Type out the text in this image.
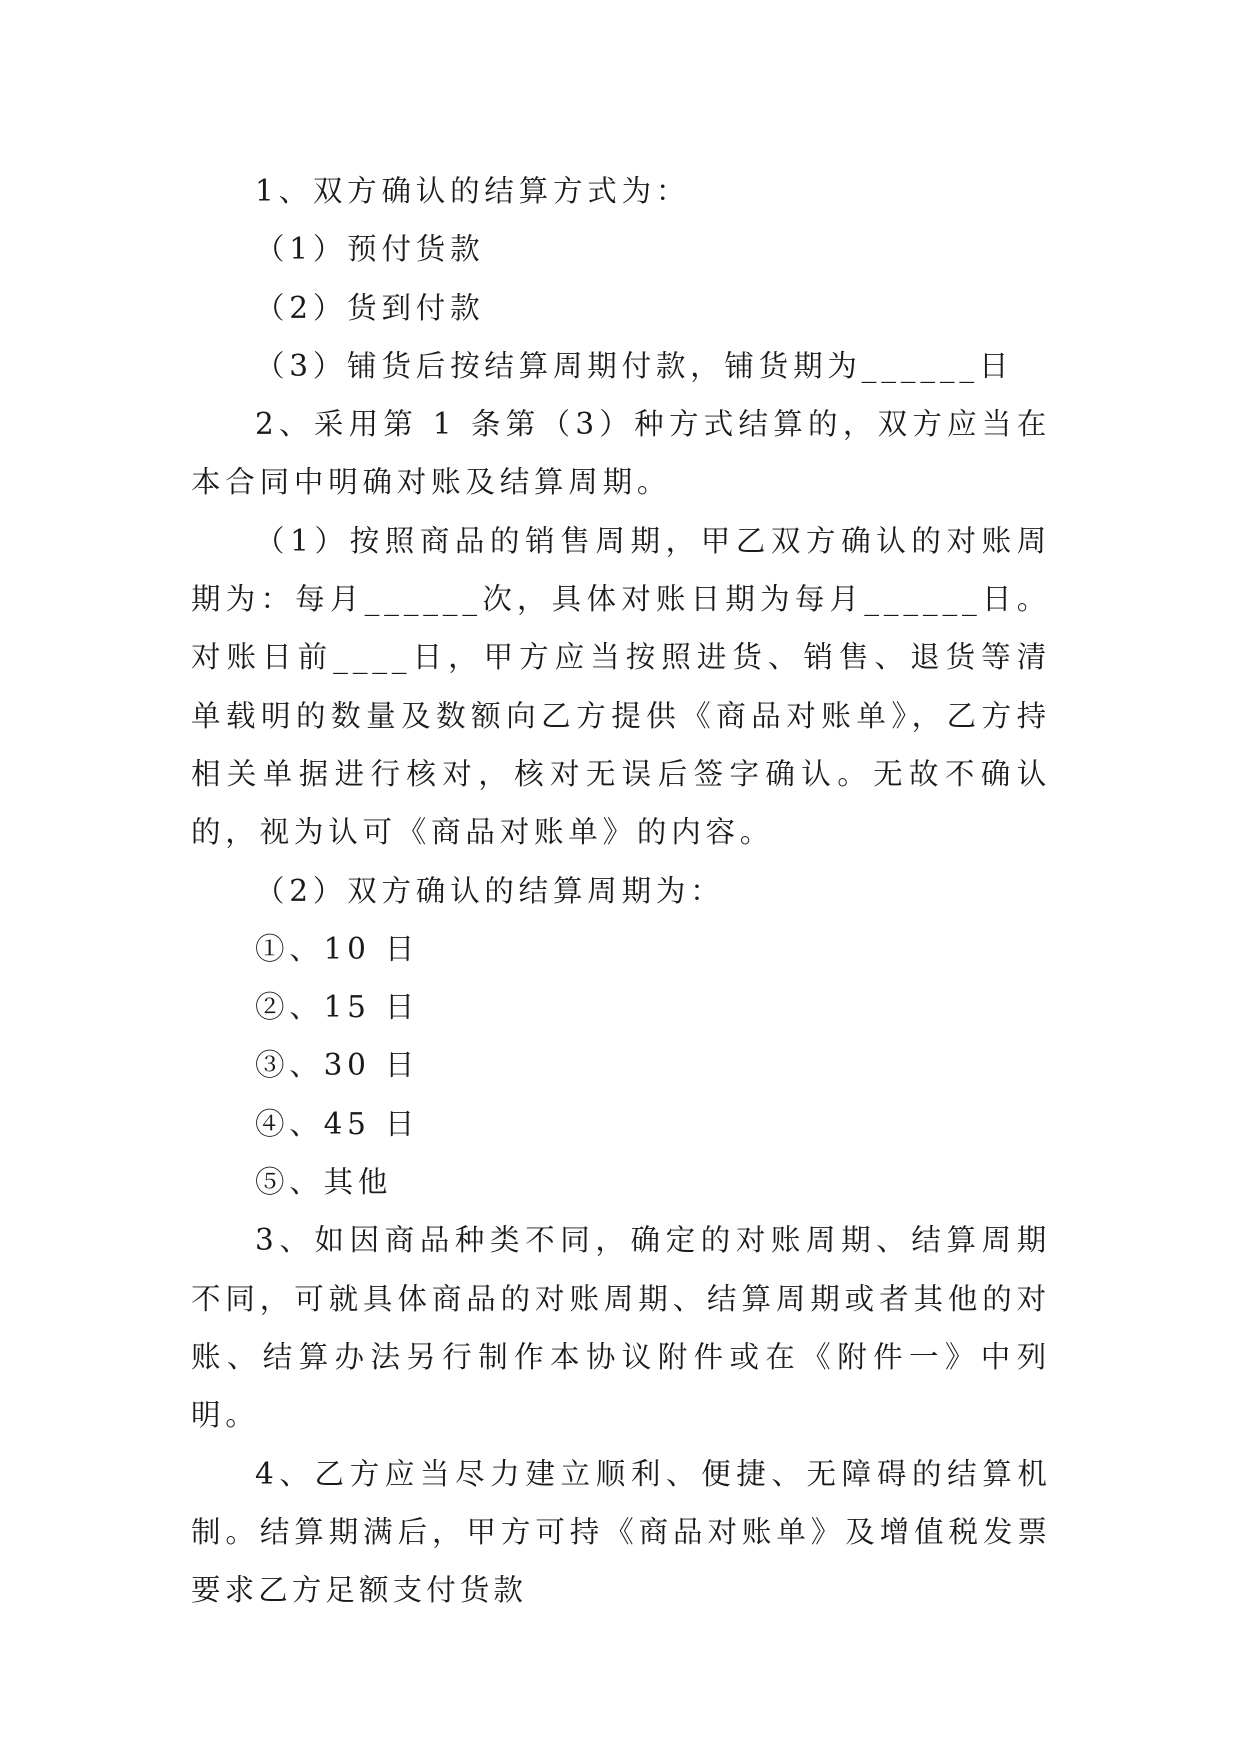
1、双方确认的结算方式为：

（1）预付货款

（2）货到付款

（3）铺货后按结算周期付款，铺货期为______日

2、采用第 1 条第（3）种方式结算的，双方应当在本合同中明确对账及结算周期。

（1）按照商品的销售周期，甲乙双方确认的对账周期为：每月______次，具体对账日期为每月______日。对账日前____日，甲方应当按照进货、销售、退货等清单载明的数量及数额向乙方提供《商品对账单》，乙方持相关单据进行核对，核对无误后签字确认。无故不确认的，视为认可《商品对账单》的内容。

（2）双方确认的结算周期为：

①、10 日

②、15 日

③、30 日

④、45 日

⑤、其他

3、如因商品种类不同，确定的对账周期、结算周期不同，可就具体商品的对账周期、结算周期或者其他的对账、结算办法另行制作本协议附件或在《附件一》中列明。

4、乙方应当尽力建立顺利、便捷、无障碍的结算机制。结算期满后，甲方可持《商品对账单》及增值税发票要求乙方足额支付货款
